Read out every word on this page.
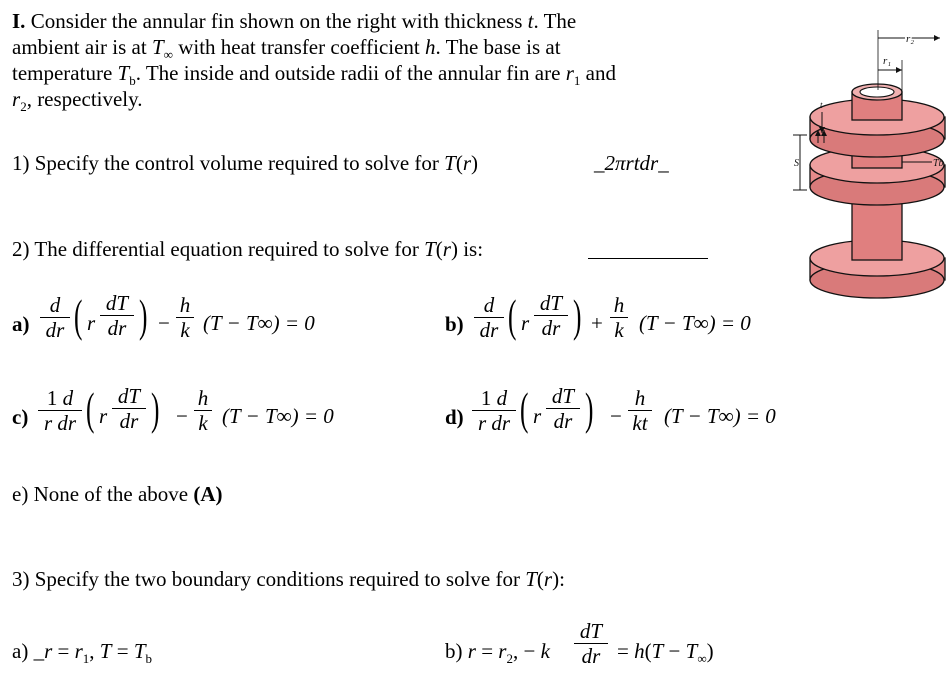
I. Consider the annular fin shown on the right with thickness t. The
ambient air is at $T_\infty$ with heat transfer coefficient h. The base is at
temperature $T_b$. The inside and outside radii of the annular fin are $r_1$ and
$r_2$, respectively.
1) Specify the control volume required to solve for T(r)	_2πrtdr_
2) The differential equation required to solve for T(r) is:
$a) \frac{d}{dr}$ ( r $\frac{dT}{dr}$ ) − $\frac{h}{k} (T - T\infty) = 0$	$b) \frac{d}{dr}$ ( r $\frac{dT}{dr}$ ) + $\frac{h}{k} (T - T\infty) = 0$
$c) \frac{1 d}{\text{r dr}}$ ( r $\frac{dT}{dr}$ ) − $\frac{h}{k} (T - T\infty) = 0$	$d) \frac{1 d}{\text{r dr}}$ ( r $\frac{dT}{dr}$ ) − $\frac{h}{kt} (T - T\infty) = 0$
e) None of the above (A)
3) Specify the two boundary conditions required to solve for T(r):
a) _r = $r_1$, $T = T_b$	b) $r = r_2$, − k $\frac{dT}{dr} = h(T - T_\infty)$
r₂
r₁
t
S	Tb
